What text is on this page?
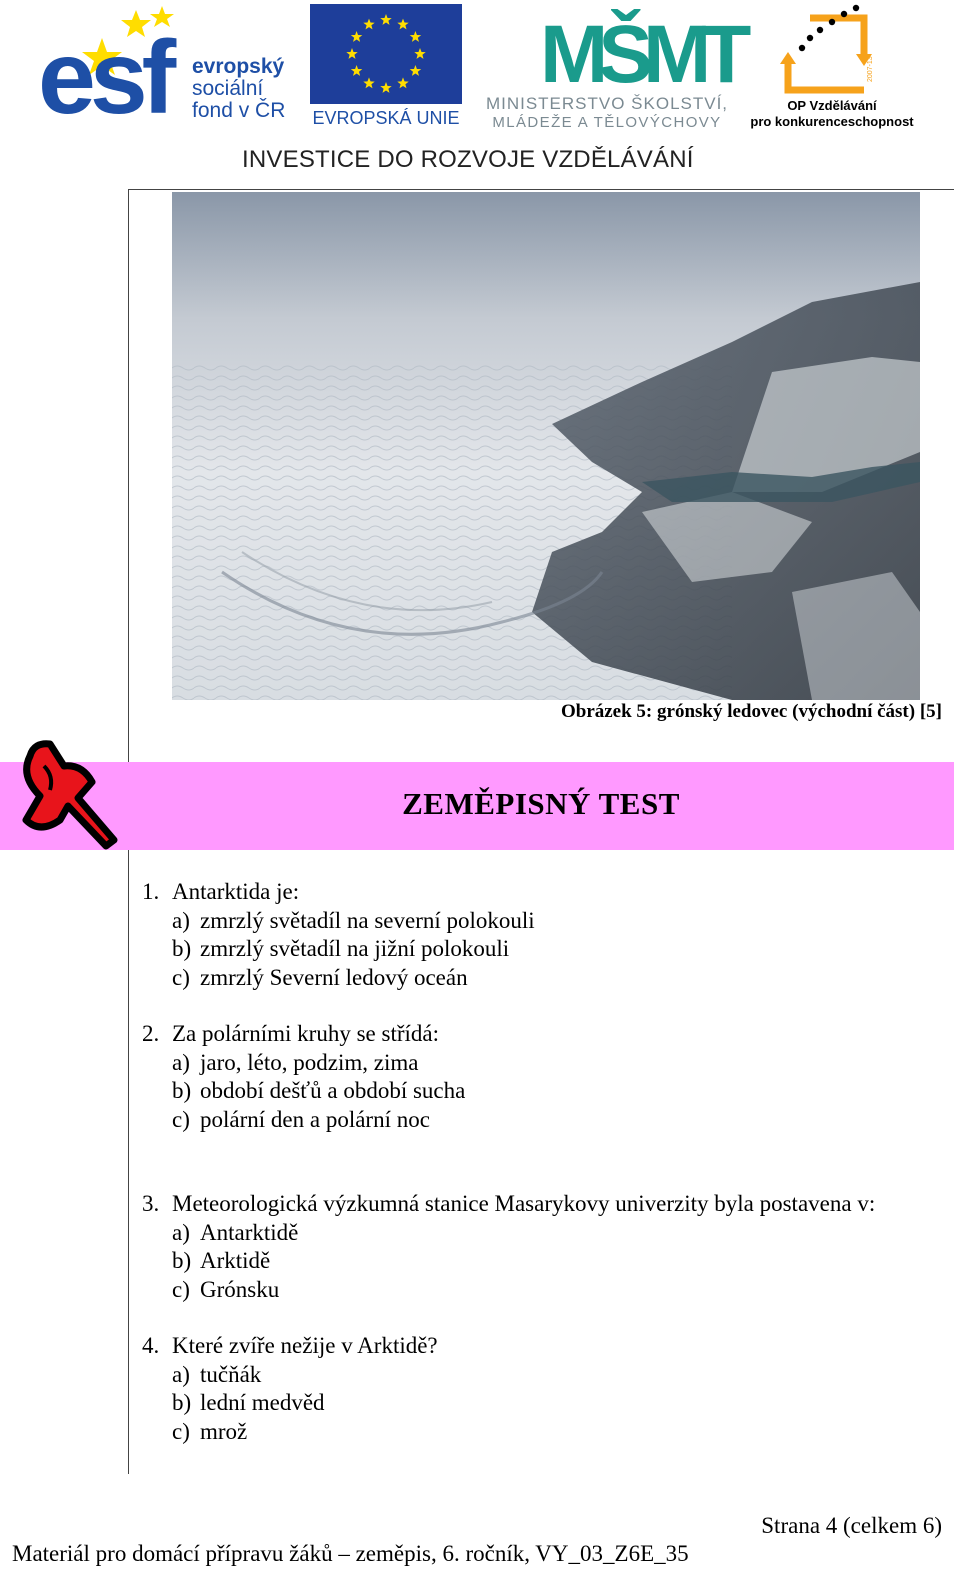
esf evropský
sociální
fond v ČR EVROPSKÁ UNIE
MŠMT
MINISTERSTVO ŠKOLSTVÍ,
MLÁDEŽE A TĚLOVÝCHOVY
2007-13
OP Vzdělávání
pro konkurenceschopnost
INVESTICE DO ROZVOJE VZDĚLÁVÁNÍ
Obrázek 5: grónský ledovec (východní část) [5]
ZEMĚPISNÝ TEST
1. Antarktida je:
a) zmrzlý světadíl na severní polokouli
b) zmrzlý světadíl na jižní polokouli
c) zmrzlý Severní ledový oceán
2. Za polárními kruhy se střídá:
a) jaro, léto, podzim, zima
b) období dešťů a období sucha
c) polární den a polární noc
3. Meteorologická výzkumná stanice Masarykovy univerzity byla postavena v:
a) Antarktidě
b) Arktidě
c) Grónsku
4. Které zvíře nežije v Arktidě?
a) tučňák
b) lední medvěd
c) mrož
Strana 4 (celkem 6)
Materiál pro domácí přípravu žáků – zeměpis, 6. ročník, VY_03_Z6E_35
